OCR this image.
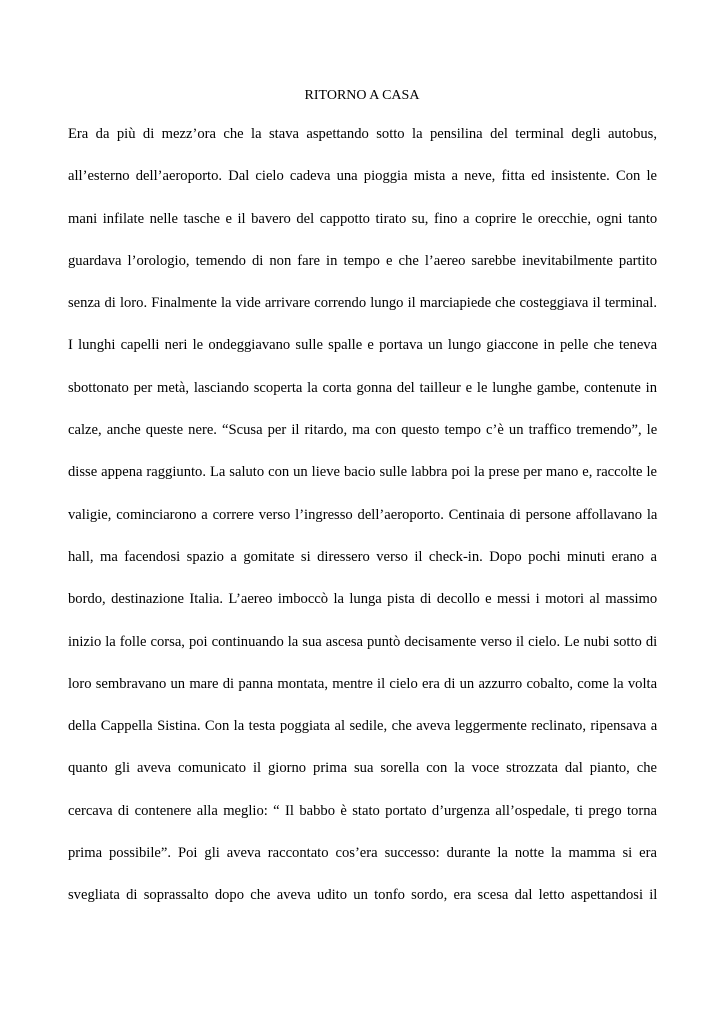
RITORNO A CASA
Era da più di mezz’ora che la stava aspettando sotto la pensilina del terminal degli autobus,
all’esterno dell’aeroporto. Dal cielo cadeva una pioggia mista a neve, fitta ed insistente. Con le
mani infilate nelle tasche e il bavero del cappotto tirato su, fino a coprire le orecchie, ogni tanto
guardava l’orologio, temendo di non fare in tempo e che l’aereo sarebbe inevitabilmente partito
senza di loro. Finalmente la vide arrivare correndo lungo il marciapiede che costeggiava il terminal.
I lunghi capelli neri le ondeggiavano sulle spalle e portava un lungo giaccone in pelle che teneva
sbottonato per metà, lasciando scoperta la corta gonna del tailleur e le lunghe gambe, contenute in
calze, anche queste nere. “Scusa per il ritardo, ma con questo tempo c’è un traffico tremendo”, le
disse appena raggiunto. La saluto con un lieve bacio sulle labbra poi la prese per mano e, raccolte le
valigie, cominciarono a correre verso l’ingresso dell’aeroporto. Centinaia di persone affollavano la
hall, ma facendosi spazio a gomitate si diressero verso il check-in. Dopo pochi minuti erano a
bordo, destinazione Italia. L’aereo imboccò la lunga pista di decollo e messi i motori al massimo
inizio la folle corsa, poi continuando la sua ascesa puntò decisamente verso il cielo. Le nubi sotto di
loro sembravano un mare di panna montata, mentre il cielo era di un azzurro cobalto, come la volta
della Cappella Sistina. Con la testa poggiata al sedile, che aveva leggermente reclinato, ripensava a
quanto gli aveva comunicato il giorno prima sua sorella con la voce strozzata dal pianto, che
cercava di contenere alla meglio: “ Il babbo è stato portato d’urgenza all’ospedale, ti prego torna
prima possibile”. Poi gli aveva raccontato cos’era successo: durante la notte la mamma si era
svegliata di soprassalto dopo che aveva udito un tonfo sordo, era scesa dal letto aspettandosi il
